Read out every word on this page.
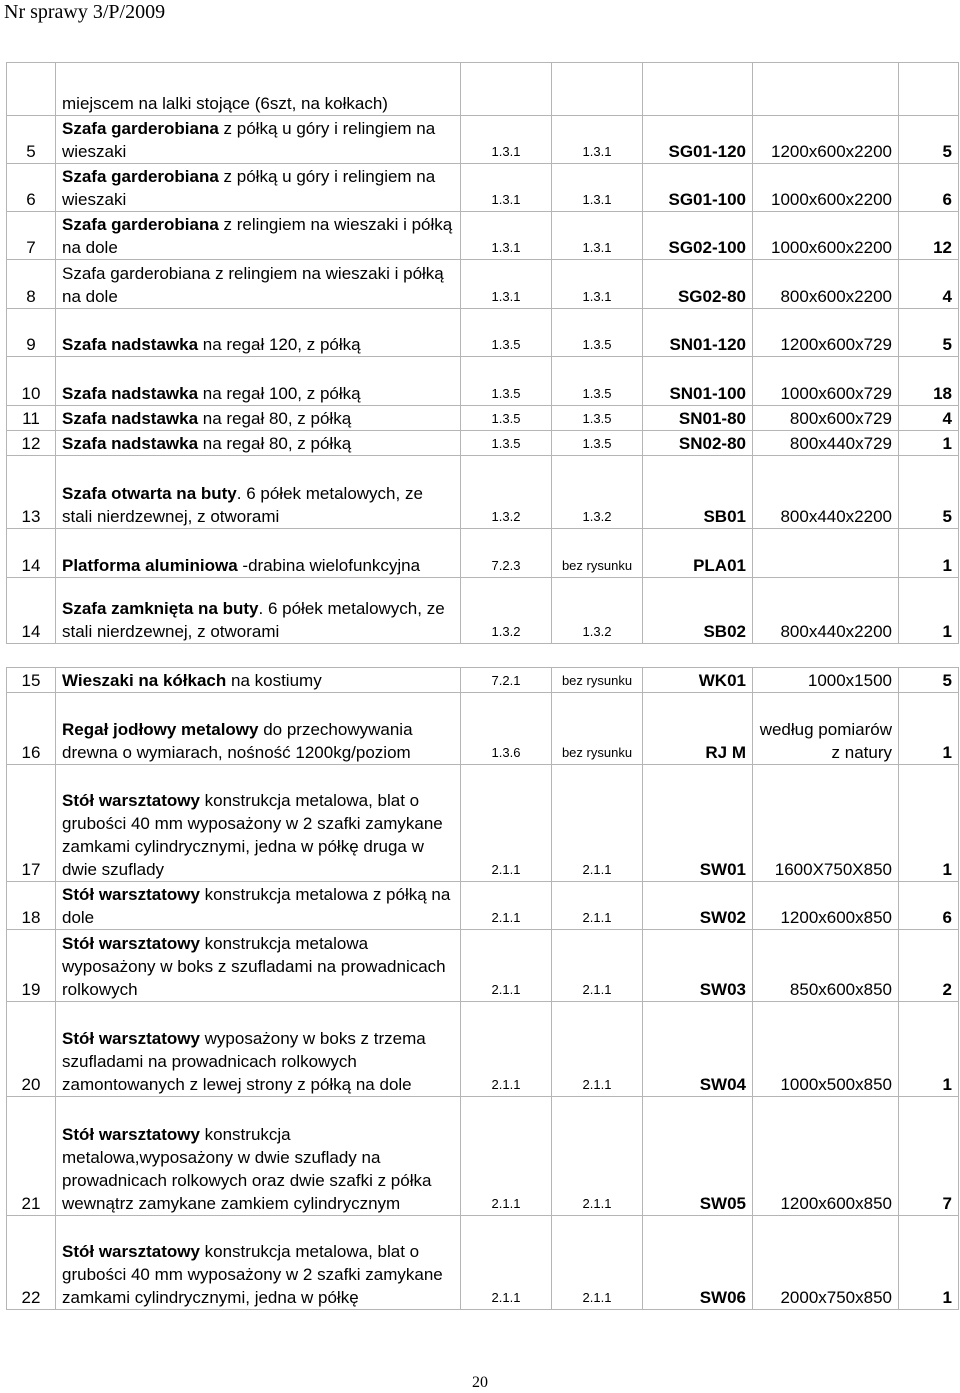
Nr sprawy 3/P/2009
	miejscem na lalki stojące (6szt, na kołkach)					
5	Szafa garderobiana z półką u góry i relingiem na wieszaki	1.3.1	1.3.1	SG01-120	1200x600x2200	5
6	Szafa garderobiana z półką u góry i relingiem na wieszaki	1.3.1	1.3.1	SG01-100	1000x600x2200	6
7	Szafa garderobiana z relingiem na wieszaki i półką na dole	1.3.1	1.3.1	SG02-100	1000x600x2200	12
8	Szafa garderobiana z relingiem na wieszaki i półką na dole	1.3.1	1.3.1	SG02-80	800x600x2200	4
9	Szafa nadstawka na regał 120, z półką	1.3.5	1.3.5	SN01-120	1200x600x729	5
10	Szafa nadstawka na regał 100, z półką	1.3.5	1.3.5	SN01-100	1000x600x729	18
11	Szafa nadstawka na regał 80, z półką	1.3.5	1.3.5	SN01-80	800x600x729	4
12	Szafa nadstawka na regał 80, z półką	1.3.5	1.3.5	SN02-80	800x440x729	1
13	Szafa otwarta na buty. 6 półek metalowych, ze stali nierdzewnej, z otworami	1.3.2	1.3.2	SB01	800x440x2200	5
14	Platforma aluminiowa -drabina wielofunkcyjna	7.2.3	bez rysunku	PLA01		1
14	Szafa zamknięta na buty. 6 półek metalowych, ze stali nierdzewnej, z otworami	1.3.2	1.3.2	SB02	800x440x2200	1

15	Wieszaki na kółkach na kostiumy	7.2.1	bez rysunku	WK01	1000x1500	5
16	Regał jodłowy metalowy do przechowywania drewna o wymiarach, nośność 1200kg/poziom	1.3.6	bez rysunku	RJ M	według pomiarów z natury	1
17	Stół warsztatowy konstrukcja metalowa, blat o grubości 40 mm wyposażony w 2 szafki zamykane zamkami cylindrycznymi, jedna w półkę druga w dwie szuflady	2.1.1	2.1.1	SW01	1600X750X850	1
18	Stół warsztatowy konstrukcja metalowa z półką na dole	2.1.1	2.1.1	SW02	1200x600x850	6
19	Stół warsztatowy konstrukcja metalowa wyposażony w boks z szufladami na prowadnicach rolkowych	2.1.1	2.1.1	SW03	850x600x850	2
20	Stół warsztatowy wyposażony w boks z trzema szufladami na prowadnicach rolkowych zamontowanych z lewej strony z półką na dole	2.1.1	2.1.1	SW04	1000x500x850	1
21	Stół warsztatowy konstrukcja metalowa,wyposażony w dwie szuflady na prowadnicach rolkowych oraz dwie szafki z półka wewnątrz zamykane zamkiem cylindrycznym	2.1.1	2.1.1	SW05	1200x600x850	7
22	Stół warsztatowy konstrukcja metalowa, blat o grubości 40 mm wyposażony w 2 szafki zamykane zamkami cylindrycznymi, jedna w półkę	2.1.1	2.1.1	SW06	2000x750x850	1
20
